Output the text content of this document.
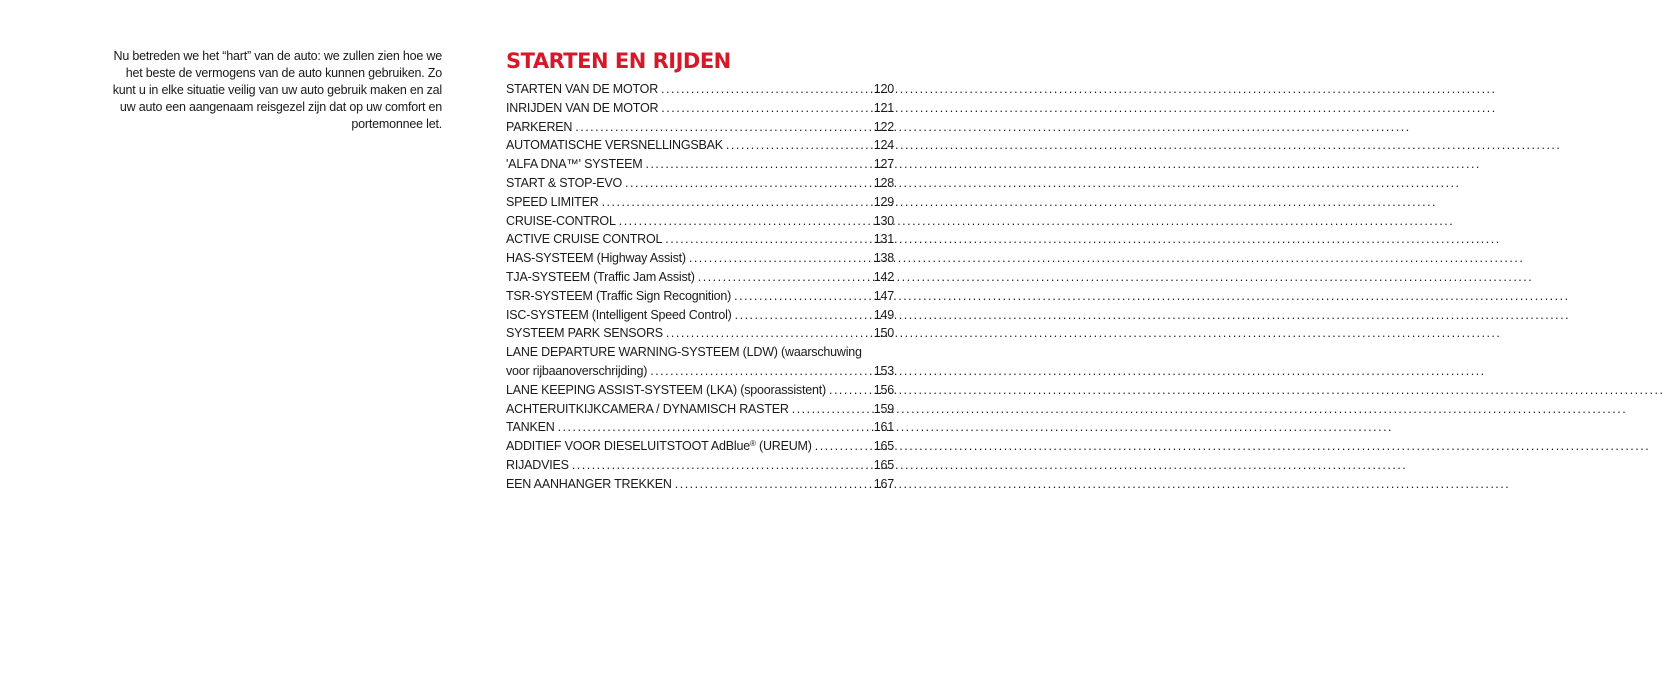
Nu betreden we het “hart” van de auto: we zullen zien hoe we
het beste de vermogens van de auto kunnen gebruiken. Zo
kunt u in elke situatie veilig van uw auto gebruik maken en zal
uw auto een aangenaam reisgezel zijn dat op uw comfort en
portemonnee let.
STARTEN EN RIJDEN
STARTEN VAN DE MOTOR .....	120
INRIJDEN VAN DE MOTOR .....	121
PARKEREN .....	122
AUTOMATISCHE VERSNELLINGSBAK .....	124
'ALFA DNA™' SYSTEEM .....	127
START & STOP-EVO .....	128
SPEED LIMITER .....	129
CRUISE-CONTROL .....	130
ACTIVE CRUISE CONTROL .....	131
HAS-SYSTEEM (Highway Assist) .....	138
TJA-SYSTEEM (Traffic Jam Assist) .....	142
TSR-SYSTEEM (Traffic Sign Recognition) .....	147
ISC-SYSTEEM (Intelligent Speed Control) .....	149
SYSTEEM PARK SENSORS .....	150
LANE DEPARTURE WARNING-SYSTEEM (LDW) (waarschuwing
voor rijbaanoverschrijding) .....	153
LANE KEEPING ASSIST-SYSTEEM (LKA) (spoorassistent) .....	156
ACHTERUITKIJKCAMERA / DYNAMISCH RASTER .....	159
TANKEN .....	161
ADDITIEF VOOR DIESELUITSTOOT AdBlue® (UREUM) .....	165
RIJADVIES .....	165
EEN AANHANGER TREKKEN .....	167
